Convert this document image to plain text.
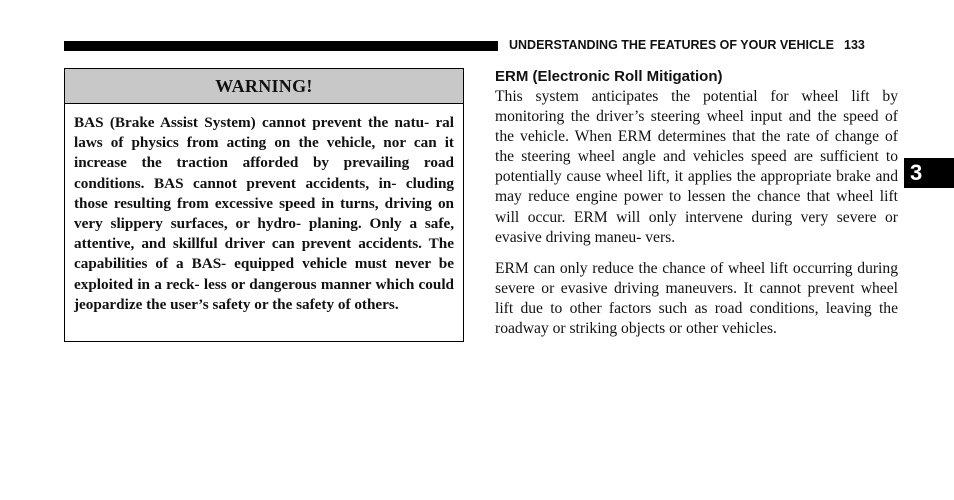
UNDERSTANDING THE FEATURES OF YOUR VEHICLE 133
WARNING!
BAS (Brake Assist System) cannot prevent the natu- ral laws of physics from acting on the vehicle, nor can it increase the traction afforded by prevailing road conditions. BAS cannot prevent accidents, in- cluding those resulting from excessive speed in turns, driving on very slippery surfaces, or hydro- planing. Only a safe, attentive, and skillful driver can prevent accidents. The capabilities of a BAS- equipped vehicle must never be exploited in a reck- less or dangerous manner which could jeopardize the user’s safety or the safety of others.
ERM (Electronic Roll Mitigation)

This system anticipates the potential for wheel lift by monitoring the driver’s steering wheel input and the speed of the vehicle. When ERM determines that the rate of change of the steering wheel angle and vehicles speed are sufficient to potentially cause wheel lift, it applies the appropriate brake and may reduce engine power to lessen the chance that wheel lift will occur. ERM will only intervene during very severe or evasive driving maneu- vers.

ERM can only reduce the chance of wheel lift occurring during severe or evasive driving maneuvers. It cannot prevent wheel lift due to other factors such as road conditions, leaving the roadway or striking objects or other vehicles.

3
